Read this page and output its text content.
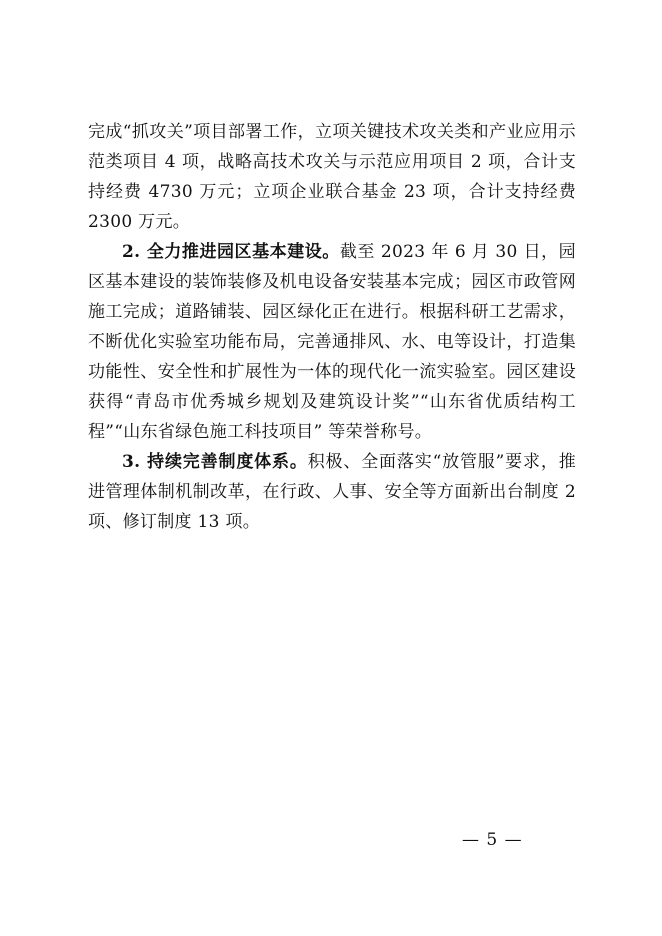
完成“抓攻关”项目部署工作，立项关键技术攻关类和产业应用示范类项目 4 项，战略高技术攻关与示范应用项目 2 项，合计支持经费 4730 万元；立项企业联合基金 23 项，合计支持经费 2300 万元。

2. 全力推进园区基本建设。截至 2023 年 6 月 30 日，园区基本建设的装饰装修及机电设备安装基本完成；园区市政管网施工完成；道路铺装、园区绿化正在进行。根据科研工艺需求，不断优化实验室功能布局，完善通排风、水、电等设计，打造集功能性、安全性和扩展性为一体的现代化一流实验室。园区建设获得“青岛市优秀城乡规划及建筑设计奖”“山东省优质结构工程”“山东省绿色施工科技项目” 等荣誉称号。

3. 持续完善制度体系。积极、全面落实“放管服”要求，推进管理体制机制改革，在行政、人事、安全等方面新出台制度 2 项、修订制度 13 项。

— 5 —
